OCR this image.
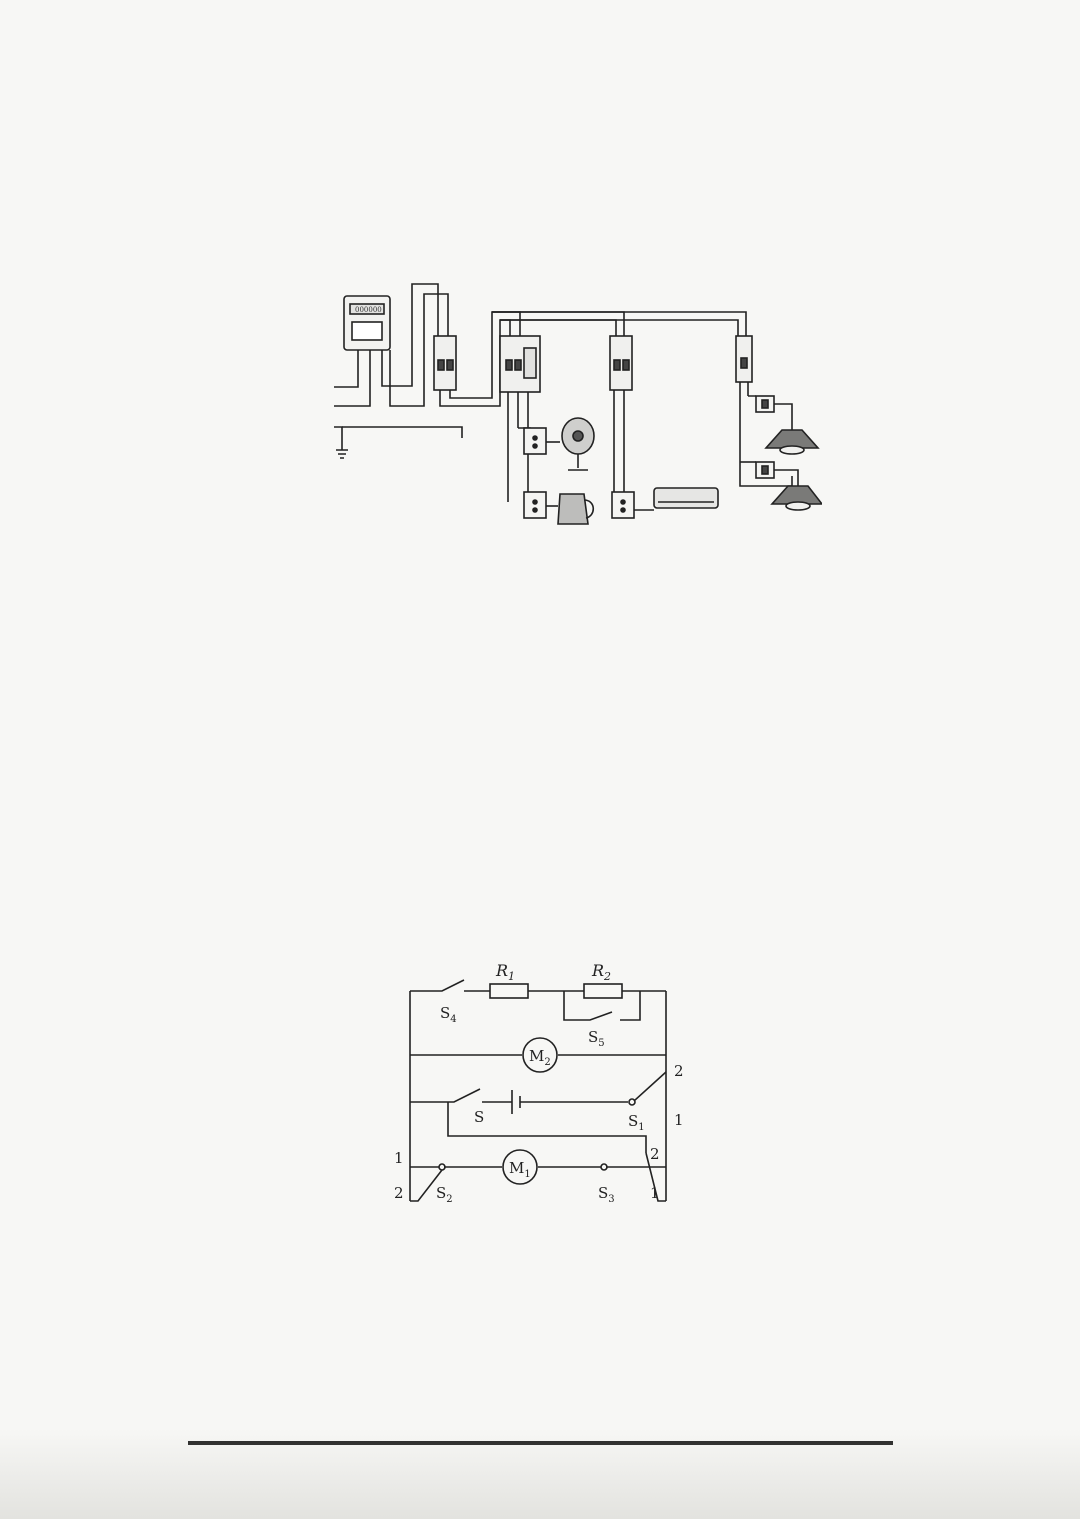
000000
$R_1$	$R_2$
$S_4$
$S_5$
$M_2$	2
1
S	$S_1$
$M_1$
1
2
2
1
$S_2$	$S_3$
